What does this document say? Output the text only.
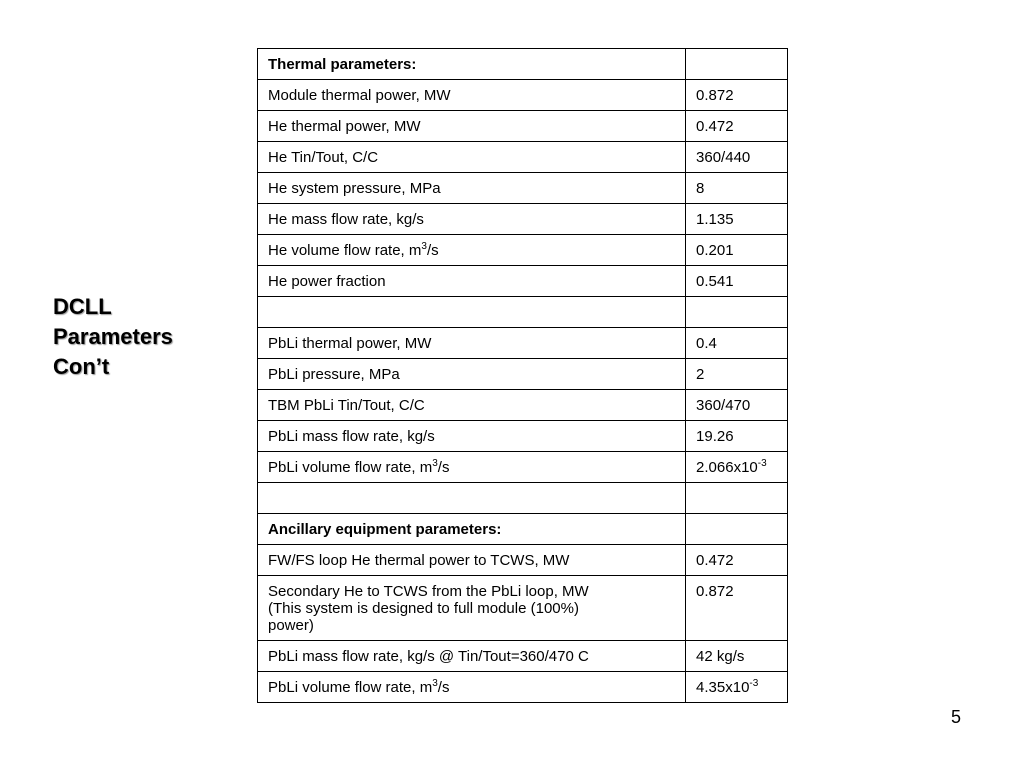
DCLL
Parameters
Con’t
Thermal parameters:	
Module thermal power, MW	0.872
He thermal power, MW	0.472
He Tin/Tout, C/C	360/440
He system pressure, MPa	8
He mass flow rate, kg/s	1.135
He volume flow rate, $m^3/s$	0.201
He power fraction	0.541

PbLi thermal power, MW	0.4
PbLi pressure, MPa	2
TBM PbLi Tin/Tout, C/C	360/470
PbLi mass flow rate, kg/s	19.26
PbLi volume flow rate, $m^3/s$	$2.066x10^{-3}$

Ancillary equipment parameters:	
FW/FS loop He thermal power to TCWS, MW	0.472

Secondary He to TCWS from the PbLi loop, MW
(This system is designed to full module (100%)
power)	0.872
PbLi mass flow rate, kg/s @ Tin/Tout=360/470 C	42 kg/s
PbLi volume flow rate, $m^3/s$	$4.35x10^{-3}$
5
